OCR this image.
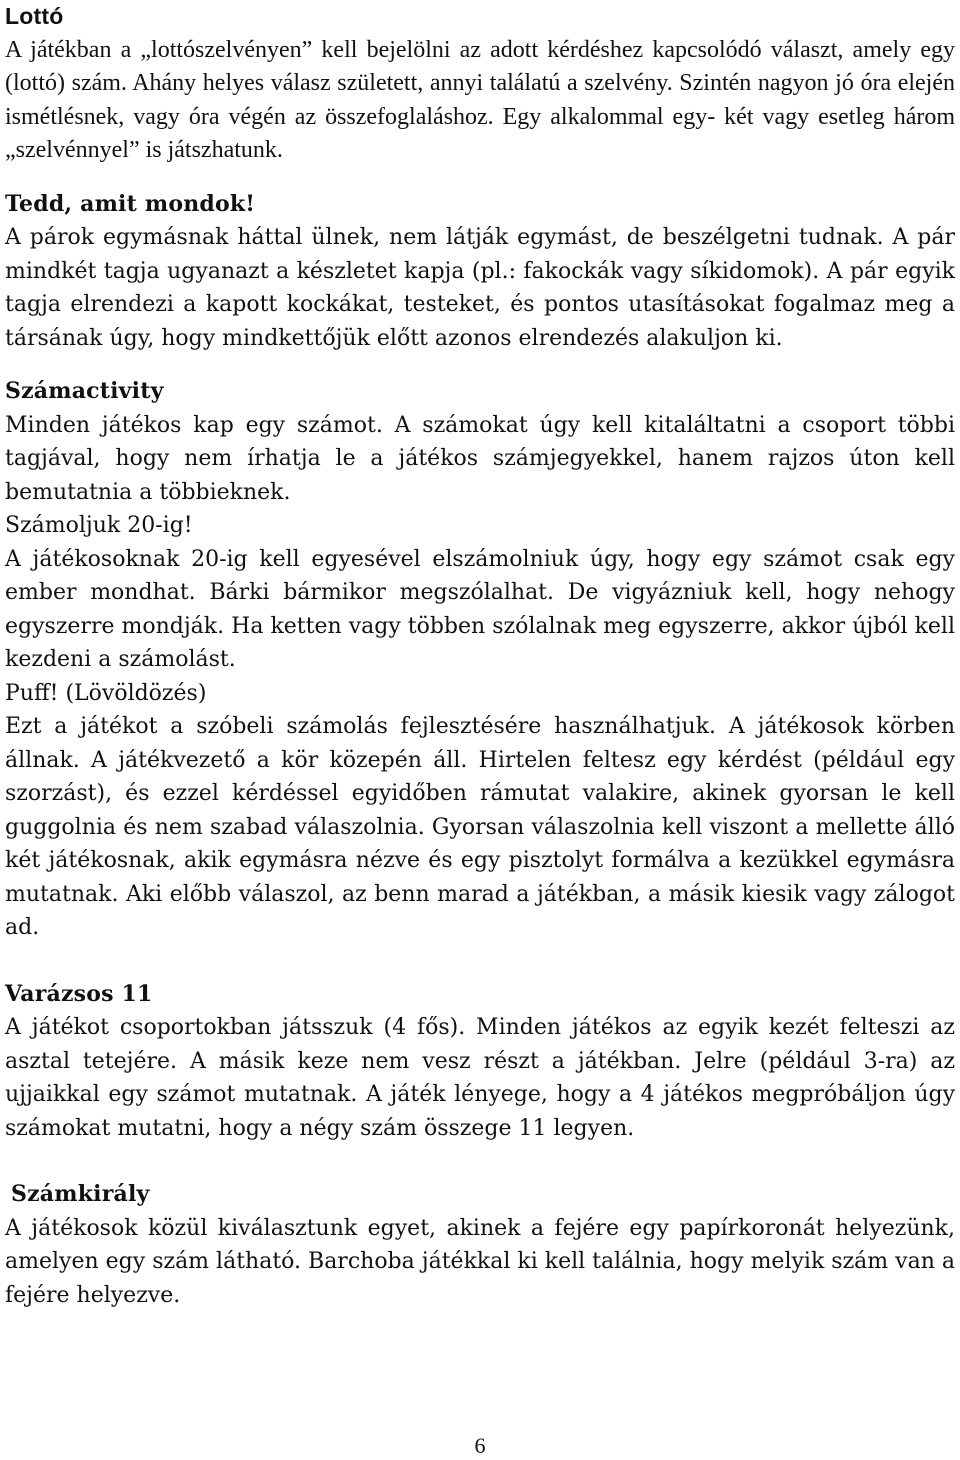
Lottó

A játékban a „lottószelvényen” kell bejelölni az adott kérdéshez kapcsolódó választ, amely egy (lottó) szám. Ahány helyes válasz született, annyi találatú a szelvény. Szintén nagyon jó óra elején ismétlésnek, vagy óra végén az összefoglaláshoz. Egy alkalommal egy- két vagy esetleg három „szelvénnyel” is játszhatunk.

Tedd, amit mondok!

A párok egymásnak háttal ülnek, nem látják egymást, de beszélgetni tudnak. A pár mindkét tagja ugyanazt a készletet kapja (pl.: fakockák vagy síkidomok). A pár egyik tagja elrendezi a kapott kockákat, testeket, és pontos utasításokat fogalmaz meg a társának úgy, hogy mindkettőjük előtt azonos elrendezés alakuljon ki.

Számactivity

Minden játékos kap egy számot. A számokat úgy kell kitaláltatni a csoport többi tagjával, hogy nem írhatja le a játékos számjegyekkel, hanem rajzos úton kell bemutatnia a többieknek.

Számoljuk 20-ig!

A játékosoknak 20-ig kell egyesével elszámolniuk úgy, hogy egy számot csak egy ember mondhat. Bárki bármikor megszólalhat. De vigyázniuk kell, hogy nehogy egyszerre mondják. Ha ketten vagy többen szólalnak meg egyszerre, akkor újból kell kezdeni a számolást.

Puff! (Lövöldözés)

Ezt a játékot a szóbeli számolás fejlesztésére használhatjuk. A játékosok körben állnak. A játékvezető a kör közepén áll. Hirtelen feltesz egy kérdést (például egy szorzást), és ezzel kérdéssel egyidőben rámutat valakire, akinek gyorsan le kell guggolnia és nem szabad válaszolnia. Gyorsan válaszolnia kell viszont a mellette álló két játékosnak, akik egymásra nézve és egy pisztolyt formálva a kezükkel egymásra mutatnak. Aki előbb válaszol, az benn marad a játékban, a másik kiesik vagy zálogot ad.

Varázsos 11

A játékot csoportokban játsszuk (4 fős). Minden játékos az egyik kezét felteszi az asztal tetejére. A másik keze nem vesz részt a játékban. Jelre (például 3-ra) az ujjaikkal egy számot mutatnak. A játék lényege, hogy a 4 játékos megpróbáljon úgy számokat mutatni, hogy a négy szám összege 11 legyen.

Számkirály

A játékosok közül kiválasztunk egyet, akinek a fejére egy papírkoronát helyezünk, amelyen egy szám látható. Barchoba játékkal ki kell találnia, hogy melyik szám van a fejére helyezve.

6
